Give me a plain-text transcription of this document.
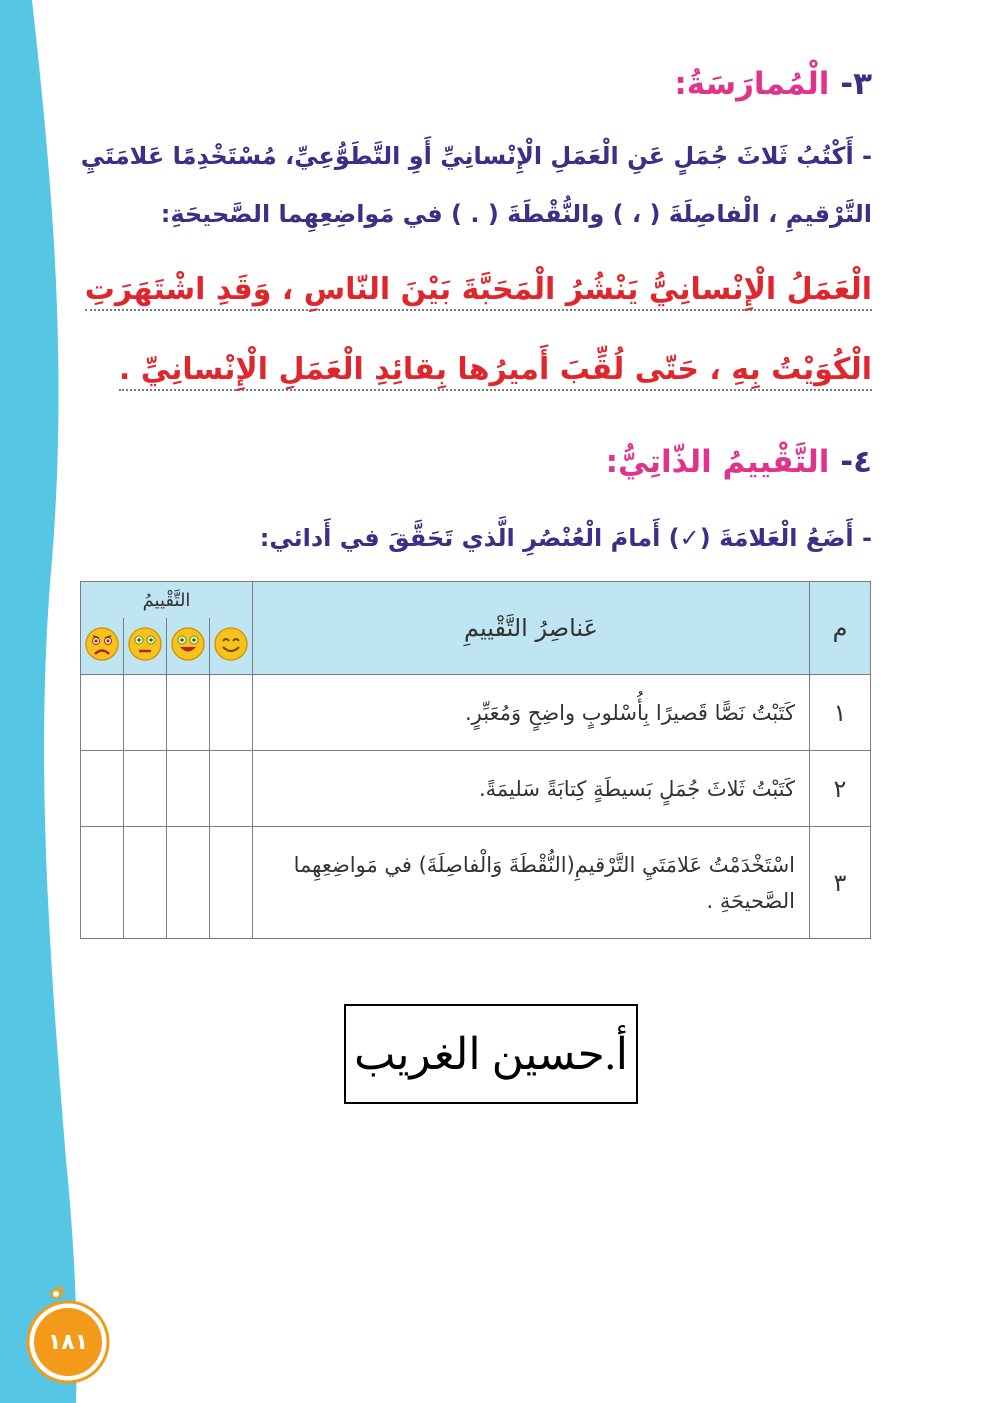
٣- الْمُمارَسَةُ:
- أَكْتُبُ ثَلاثَ جُمَلٍ عَنِ الْعَمَلِ الْإِنْسانِيِّ أَوِ التَّطَوُّعِيِّ، مُسْتَخْدِمًا عَلامَتَيِ
التَّرْقيمِ ، الْفاصِلَةَ ( ، ) والنُّقْطَةَ ( . ) في مَواضِعِهِما الصَّحيحَةِ:
الْعَمَلُ الْإِنْسانِيُّ يَنْشُرُ الْمَحَبَّةَ بَيْنَ النّاسِ ، وَقَدِ اشْتَهَرَتِ
الْكُوَيْتُ بِهِ ، حَتّى لُقِّبَ أَميرُها بِقائِدِ الْعَمَلِ الْإِنْسانِيِّ .
٤- التَّقْييمُ الذّاتِيُّ:
- أَضَعُ الْعَلامَةَ (✓) أَمامَ الْعُنْصُرِ الَّذي تَحَقَّقَ في أَدائي:
م	عَناصِرُ التَّقْييمِ	التَّقْييمُ			

١	كَتَبْتُ نَصًّا قَصيرًا بِأُسْلوبٍ واضِحٍ وَمُعَبِّرٍ.				
٢	كَتَبْتُ ثَلاثَ جُمَلٍ بَسيطَةٍ كِتابَةً سَليمَةً.				
٣	اسْتَخْدَمْتُ عَلامَتَيِ التَّرْقيمِ(النُّقْطَةَ وَالْفاصِلَةَ) في مَواضِعِهِما الصَّحيحَةِ .				
أ.حسين الغريب
١٨١
